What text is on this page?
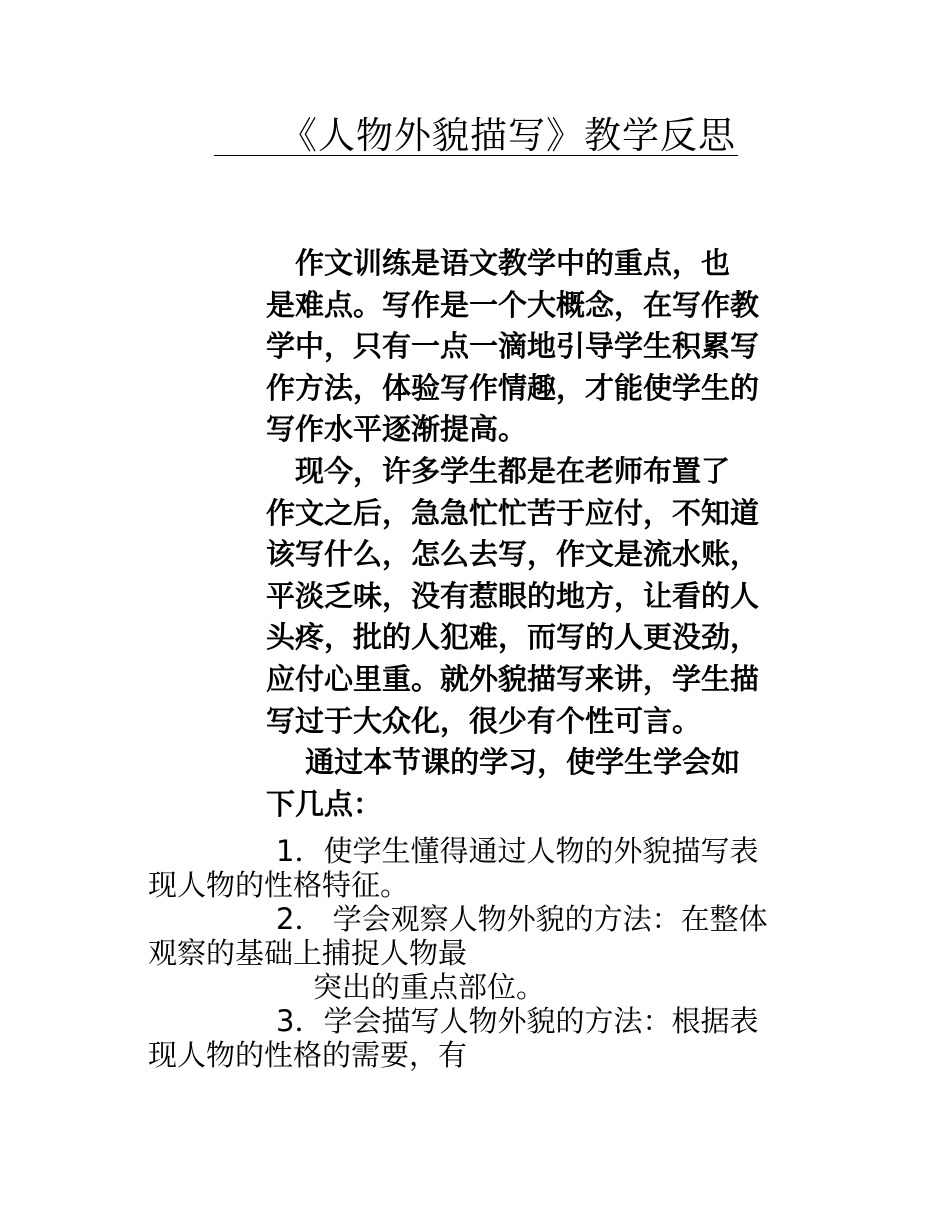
《人物外貌描写》教学反思
　作文训练是语文教学中的重点，也
是难点。写作是一个大概念，在写作教
学中，只有一点一滴地引导学生积累写
作方法，体验写作情趣，才能使学生的
写作水平逐渐提高。
　现今，许多学生都是在老师布置了
作文之后，急急忙忙苦于应付，不知道
该写什么，怎么去写，作文是流水账，
平淡乏味，没有惹眼的地方，让看的人
头疼，批的人犯难，而写的人更没劲，
应付心里重。就外貌描写来讲，学生描
写过于大众化，很少有个性可言。
　 通过本节课的学习，使学生学会如
下几点：
1．使学生懂得通过人物的外貌描写表
现人物的性格特征。
2． 学会观察人物外貌的方法：在整体
观察的基础上捕捉人物最
突出的重点部位。
3．学会描写人物外貌的方法：根据表
现人物的性格的需要，有
